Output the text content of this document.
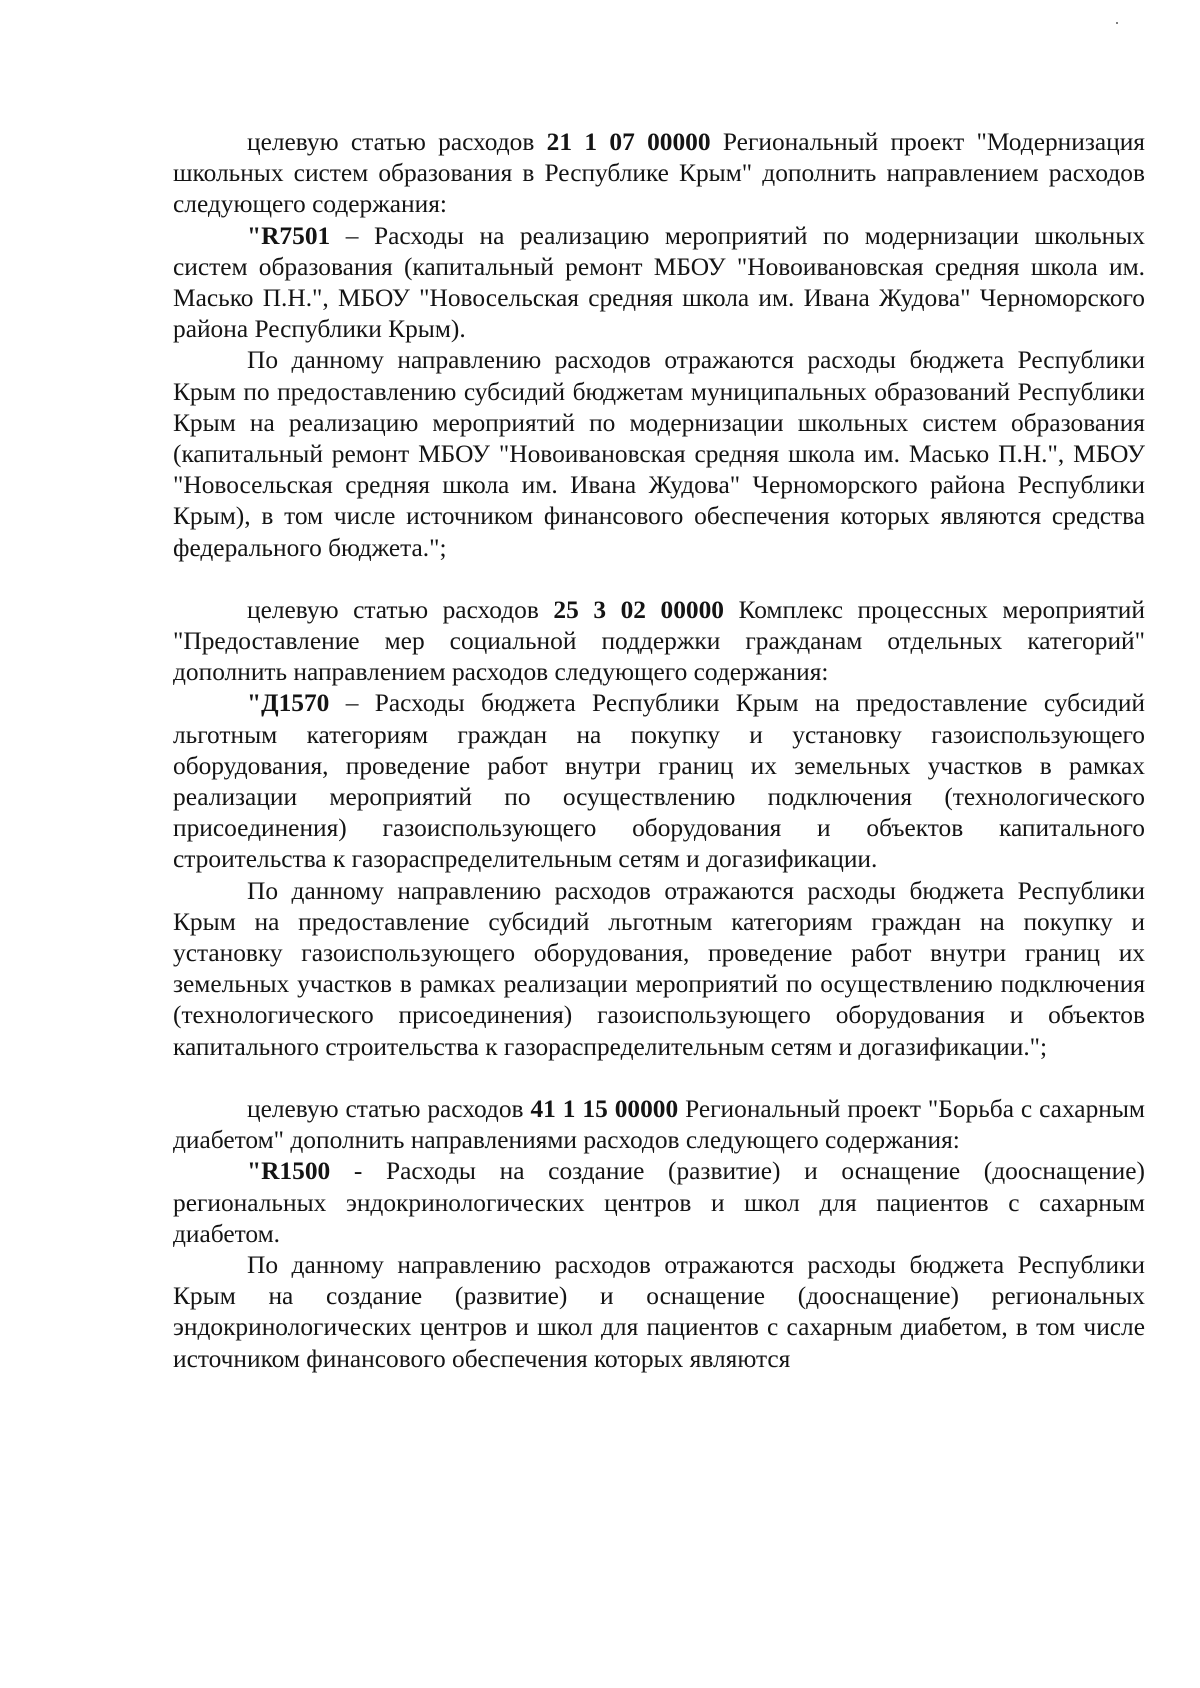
целевую статью расходов 21 1 07 00000 Региональный проект "Модернизация школьных систем образования в Республике Крым" дополнить направлением расходов следующего содержания:

"R7501 – Расходы на реализацию мероприятий по модернизации школьных систем образования (капитальный ремонт МБОУ "Новоивановская средняя школа им. Масько П.Н.", МБОУ "Новосельская средняя школа им. Ивана Жудова" Черноморского района Республики Крым).

По данному направлению расходов отражаются расходы бюджета Республики Крым по предоставлению субсидий бюджетам муниципальных образований Республики Крым на реализацию мероприятий по модернизации школьных систем образования (капитальный ремонт МБОУ "Новоивановская средняя школа им. Масько П.Н.", МБОУ "Новосельская средняя школа им. Ивана Жудова" Черноморского района Республики Крым), в том числе источником финансового обеспечения которых являются средства федерального бюджета.";

целевую статью расходов 25 3 02 00000 Комплекс процессных мероприятий "Предоставление мер социальной поддержки гражданам отдельных категорий" дополнить направлением расходов следующего содержания:

"Д1570 – Расходы бюджета Республики Крым на предоставление субсидий льготным категориям граждан на покупку и установку газоиспользующего оборудования, проведение работ внутри границ их земельных участков в рамках реализации мероприятий по осуществлению подключения (технологического присоединения) газоиспользующего оборудования и объектов капитального строительства к газораспределительным сетям и догазификации.

По данному направлению расходов отражаются расходы бюджета Республики Крым на предоставление субсидий льготным категориям граждан на покупку и установку газоиспользующего оборудования, проведение работ внутри границ их земельных участков в рамках реализации мероприятий по осуществлению подключения (технологического присоединения) газоиспользующего оборудования и объектов капитального строительства к газораспределительным сетям и догазификации.";

целевую статью расходов 41 1 15 00000 Региональный проект "Борьба с сахарным диабетом" дополнить направлениями расходов следующего содержания:

"R1500 - Расходы на создание (развитие) и оснащение (дооснащение) региональных эндокринологических центров и школ для пациентов с сахарным диабетом.

По данному направлению расходов отражаются расходы бюджета Республики Крым на создание (развитие) и оснащение (дооснащение) региональных эндокринологических центров и школ для пациентов с сахарным диабетом, в том числе источником финансового обеспечения которых являются
